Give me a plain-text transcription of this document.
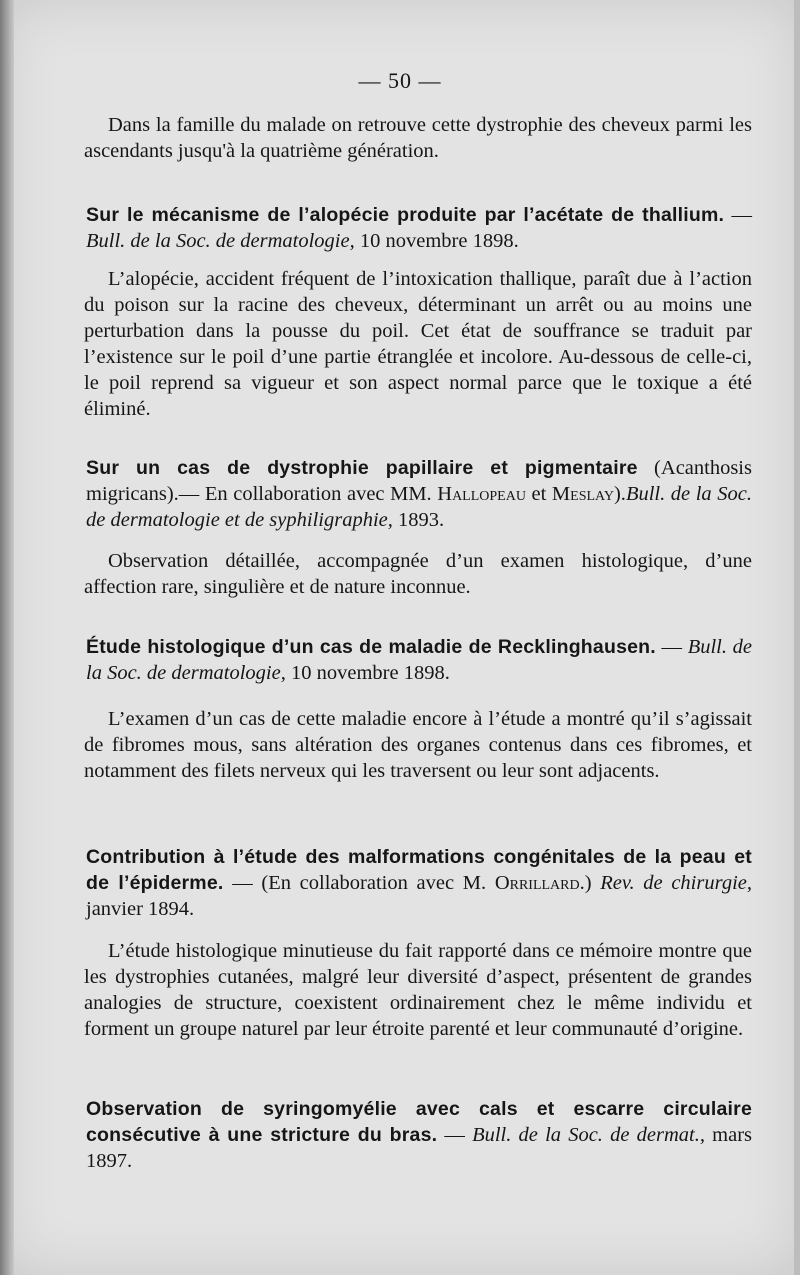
— 50 —
Dans la famille du malade on retrouve cette dystrophie des cheveux parmi les ascendants jusqu'à la quatrième génération.
Sur le mécanisme de l’alopécie produite par l’acétate de thallium. —Bull. de la Soc. de dermatologie, 10 novembre 1898.
L’alopécie, accident fréquent de l’intoxication thallique, paraît due à l’action du poison sur la racine des cheveux, déterminant un arrêt ou au moins une perturbation dans la pousse du poil. Cet état de souffrance se traduit par l’existence sur le poil d’une partie étranglée et incolore. Au-dessous de celle-ci, le poil reprend sa vigueur et son aspect normal parce que le toxique a été éliminé.
Sur un cas de dystrophie papillaire et pigmentaire (Acanthosis migricans).— En collaboration avec MM. Hallopeau et Meslay).Bull. de la Soc. de dermatologie et de syphiligraphie, 1893.
Observation détaillée, accompagnée d’un examen histologique, d’une affection rare, singulière et de nature inconnue.
Étude histologique d’un cas de maladie de Recklinghausen. — Bull. de la Soc. de dermatologie, 10 novembre 1898.
L’examen d’un cas de cette maladie encore à l’étude a montré qu’il s’agissait de fibromes mous, sans altération des organes contenus dans ces fibromes, et notamment des filets nerveux qui les traversent ou leur sont adjacents.
Contribution à l’étude des malformations congénitales de la peau et de l’épiderme. — (En collaboration avec M. Orrillard.) Rev. de chirurgie, janvier 1894.
L’étude histologique minutieuse du fait rapporté dans ce mémoire montre que les dystrophies cutanées, malgré leur diversité d’aspect, présentent de grandes analogies de structure, coexistent ordinairement chez le même individu et forment un groupe naturel par leur étroite parenté et leur communauté d’origine.
Observation de syringomyélie avec cals et escarre circulaire consécutive à une stricture du bras. — Bull. de la Soc. de dermat., mars 1897.
